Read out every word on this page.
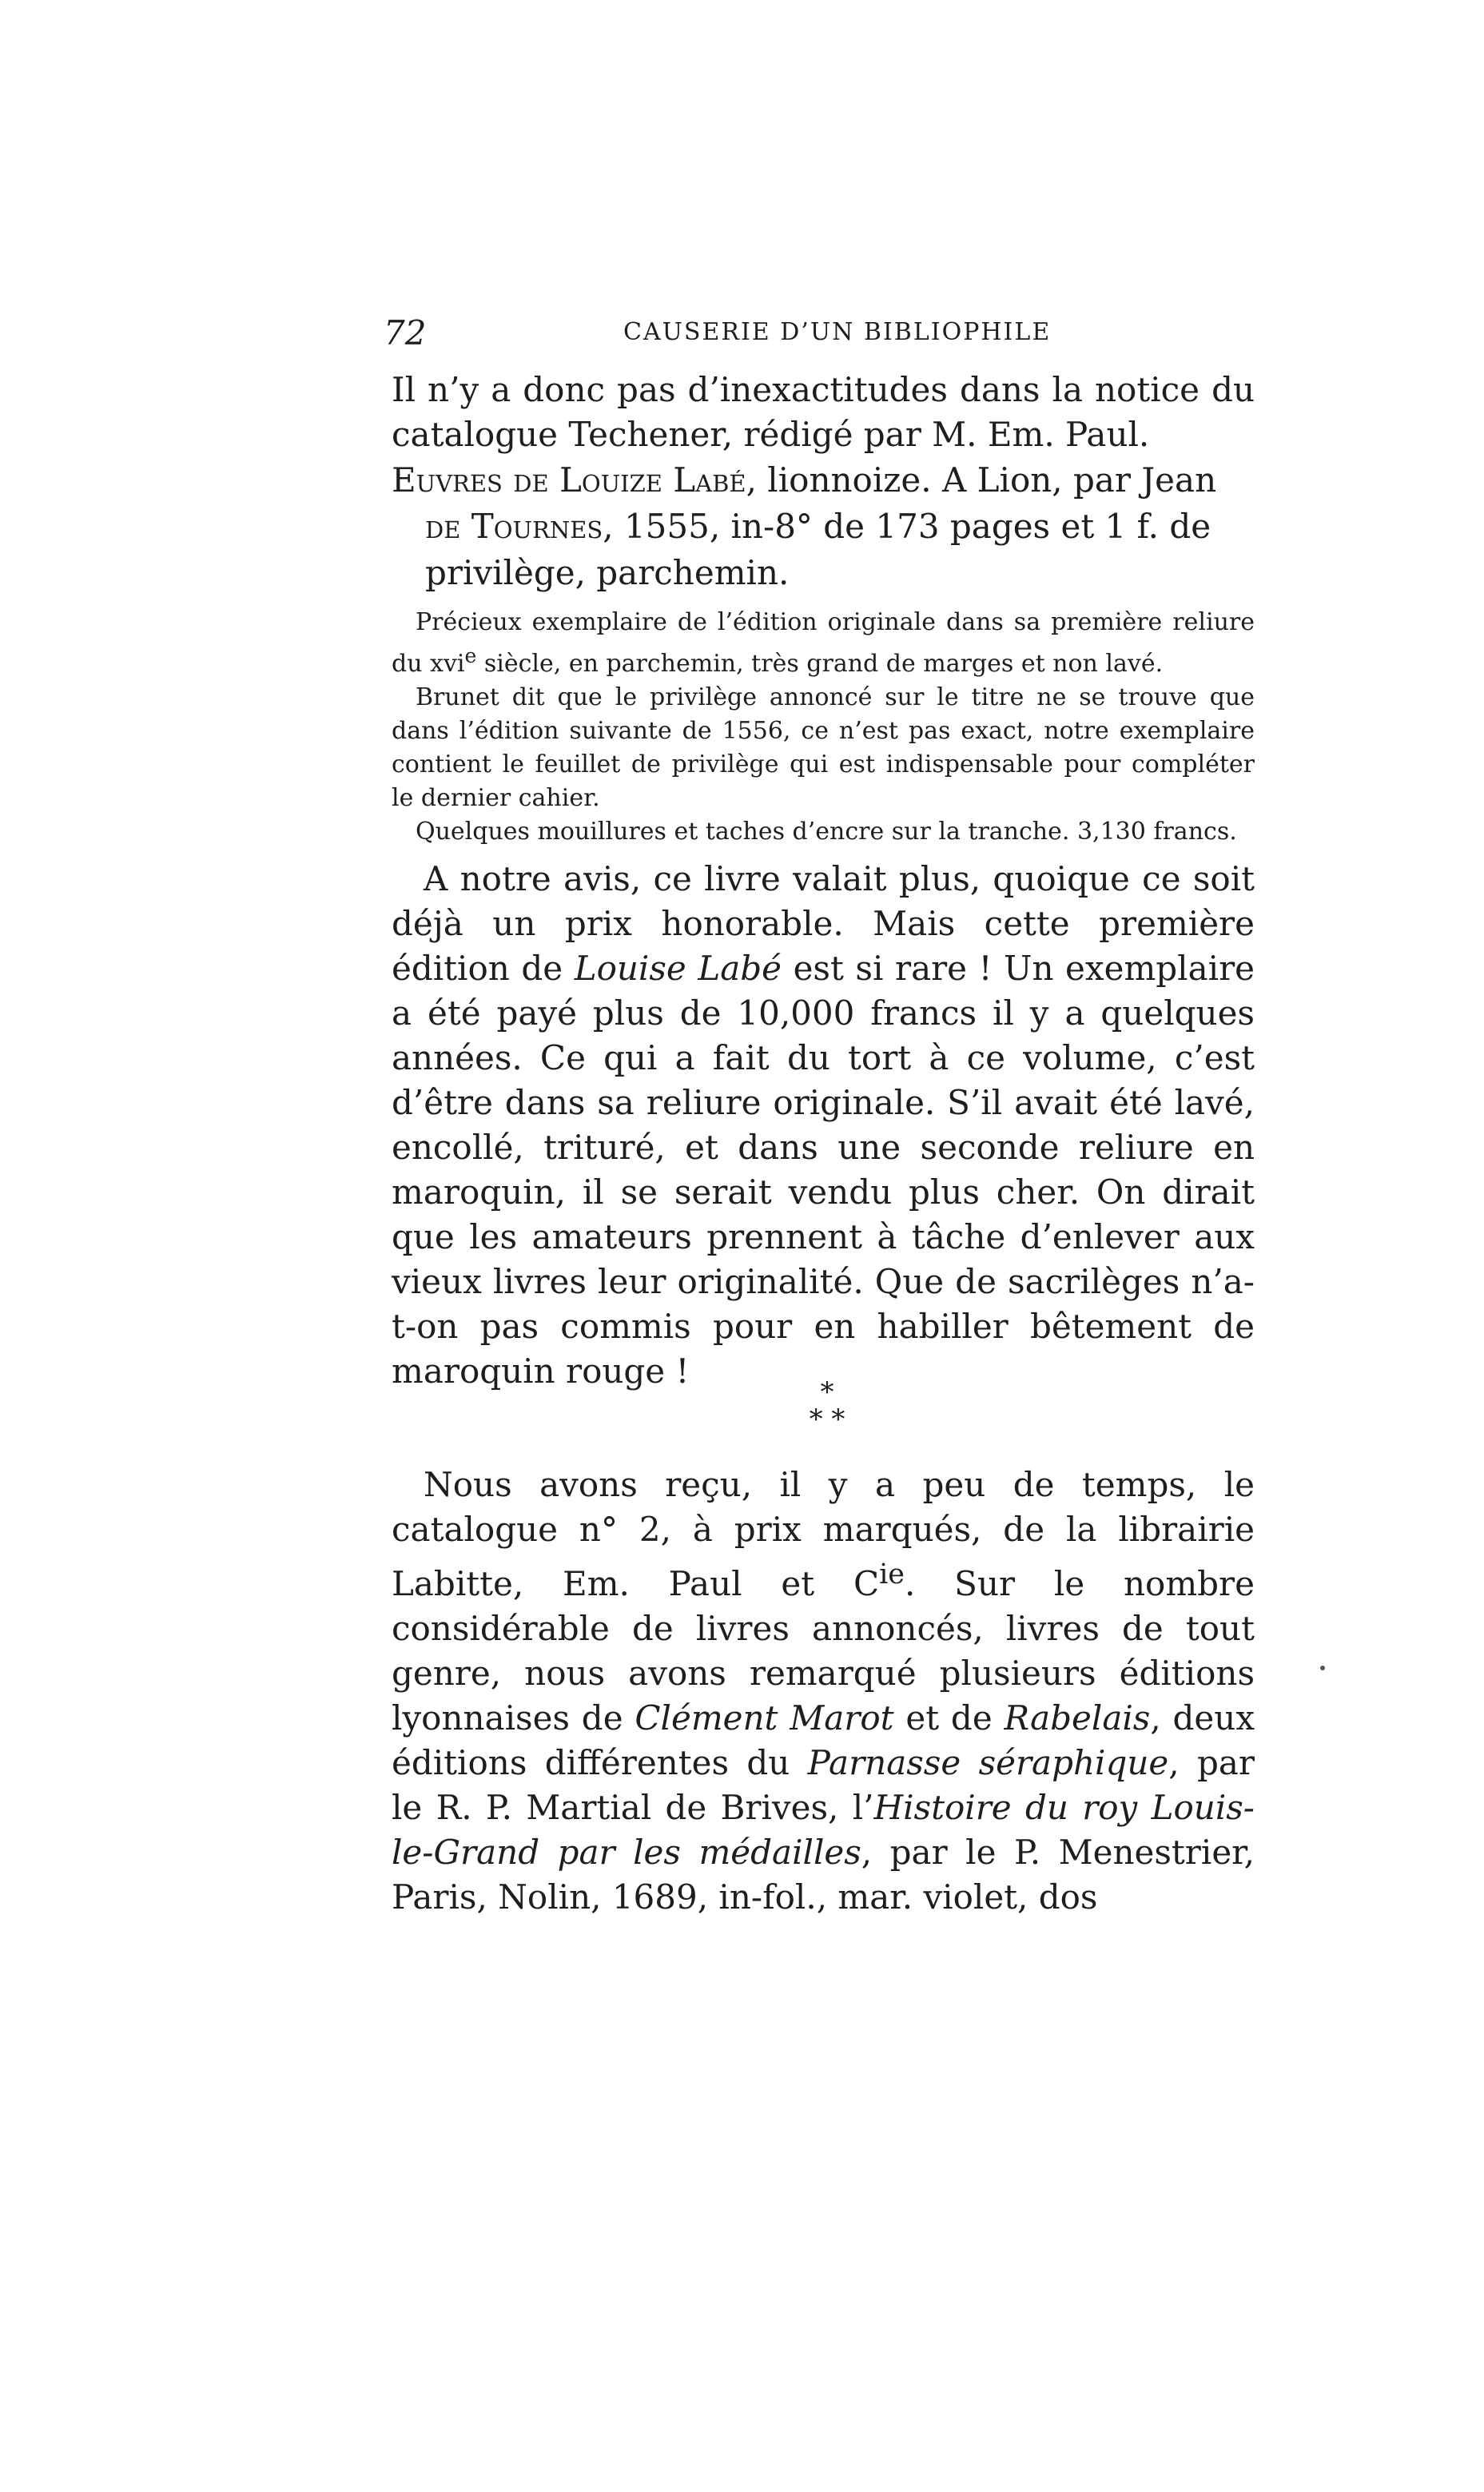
72	CAUSERIE D’UN BIBLIOPHILE

Il n’y a donc pas d’inexactitudes dans la notice du catalogue Techener, rédigé par M. Em. Paul.

Euvres de Louize Labé, lionnoize. A Lion, par Jean de Tournes, 1555, in-8° de 173 pages et 1 f. de privilège, parchemin.

Précieux exemplaire de l’édition originale dans sa première reliure du xvi$^e$ siècle, en parchemin, très grand de marges et non lavé.

Brunet dit que le privilège annoncé sur le titre ne se trouve que dans l’édition suivante de 1556, ce n’est pas exact, notre exemplaire contient le feuillet de privilège qui est indispensable pour compléter le dernier cahier.

Quelques mouillures et taches d’encre sur la tranche. 3,130 francs.

A notre avis, ce livre valait plus, quoique ce soit déjà un prix honorable. Mais cette première édition de Louise Labé est si rare ! Un exemplaire a été payé plus de 10,000 francs il y a quelques années. Ce qui a fait du tort à ce volume, c’est d’être dans sa reliure originale. S’il avait été lavé, encollé, trituré, et dans une seconde reliure en maroquin, il se serait vendu plus cher. On dirait que les amateurs prennent à tâche d’enlever aux vieux livres leur originalité. Que de sacrilèges n’a-t-on pas commis pour en habiller bêtement de maroquin rouge !

*
* *

Nous avons reçu, il y a peu de temps, le catalogue n° 2, à prix marqués, de la librairie Labitte, Em. Paul et $C^{ie}$. Sur le nombre considérable de livres annoncés, livres de tout genre, nous avons remarqué plusieurs éditions lyonnaises de Clément Marot et de Rabelais, deux éditions différentes du Parnasse séraphique, par le R. P. Martial de Brives, l’Histoire du roy Louis-le-Grand par les médailles, par le P. Menestrier, Paris, Nolin, 1689, in-fol., mar. violet, dos
